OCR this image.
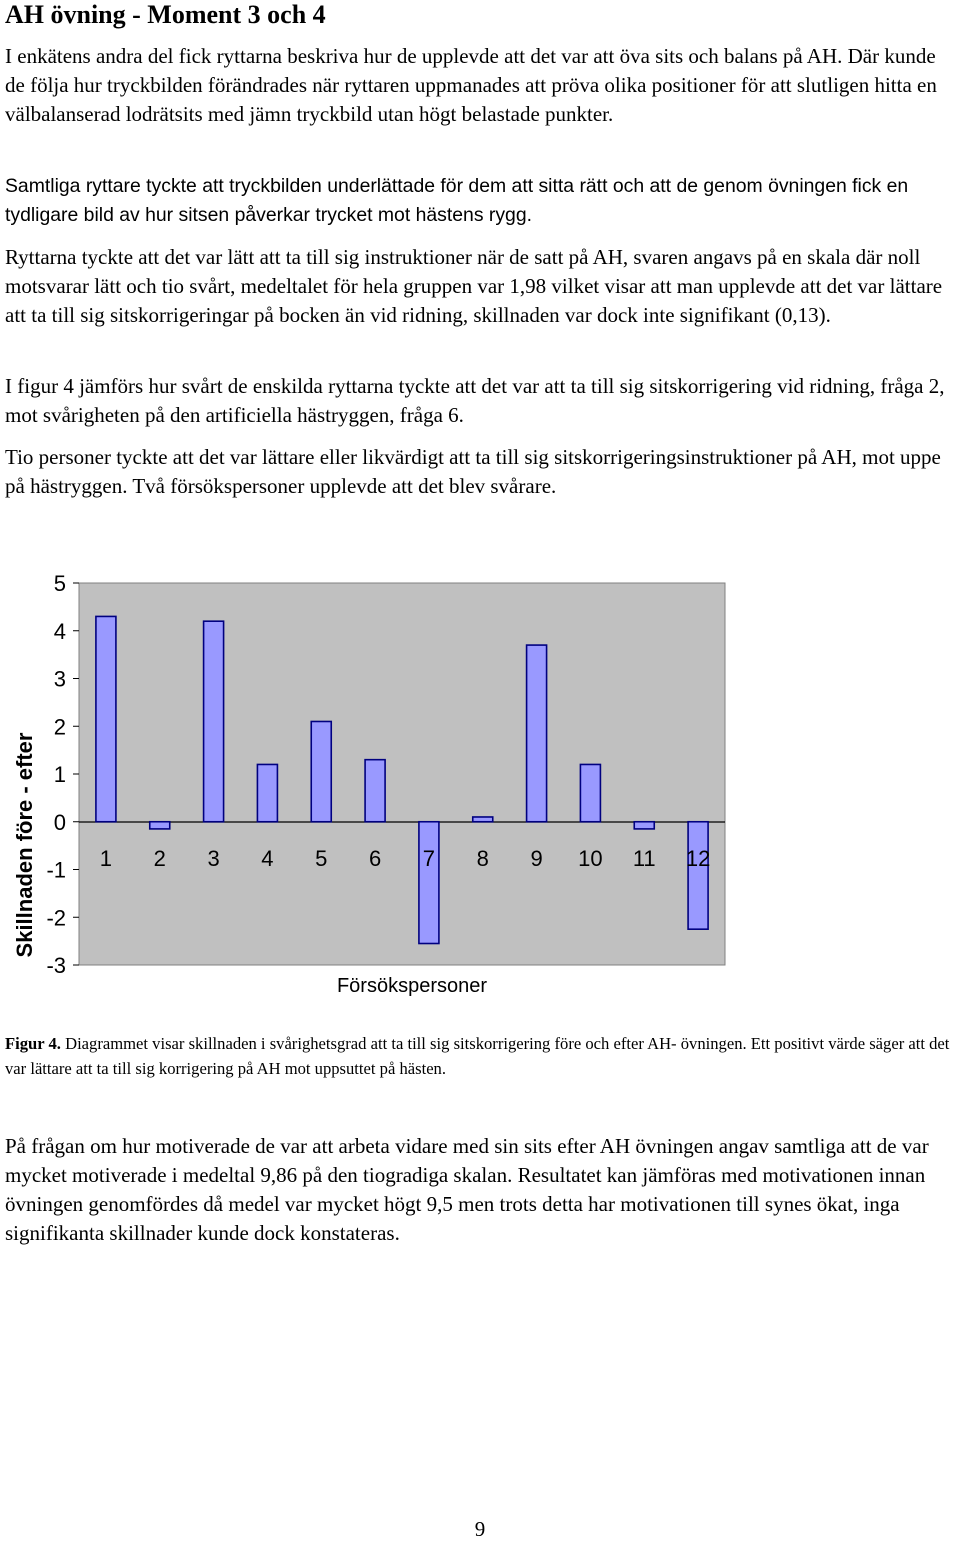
AH övning - Moment 3 och 4

I enkätens andra del fick ryttarna beskriva hur de upplevde att det var att öva sits och balans på AH. Där kunde de följa hur tryckbilden förändrades när ryttaren uppmanades att pröva olika positioner för att slutligen hitta en välbalanserad lodrätsits med jämn tryckbild utan högt belastade punkter.

Samtliga ryttare tyckte att tryckbilden underlättade för dem att sitta rätt och att de genom övningen fick en tydligare bild av hur sitsen påverkar trycket mot hästens rygg.

Ryttarna tyckte att det var lätt att ta till sig instruktioner när de satt på AH, svaren angavs på en skala där noll motsvarar lätt och tio svårt, medeltalet för hela gruppen var 1,98 vilket visar att man upplevde att det var lättare att ta till sig sitskorrigeringar på bocken än vid ridning, skillnaden var dock inte signifikant (0,13).

I figur 4 jämförs hur svårt de enskilda ryttarna tyckte att det var att ta till sig sitskorrigering vid ridning, fråga 2, mot svårigheten på den artificiella hästryggen, fråga 6.

Tio personer tyckte att det var lättare eller likvärdigt att ta till sig sitskorrigeringsinstruktioner på AH, mot uppe på hästryggen. Två försökspersoner upplevde att det blev svårare.

5
4
3
2
1
0
-1
-2
-3
1 2 3 4 5 6 7 8 9 10 11 12
Skillnaden före - efter
Försökspersoner

Figur 4. Diagrammet visar skillnaden i svårighetsgrad att ta till sig sitskorrigering före och efter AH- övningen. Ett positivt värde säger att det var lättare att ta till sig korrigering på AH mot uppsuttet på hästen.

På frågan om hur motiverade de var att arbeta vidare med sin sits efter AH övningen angav samtliga att de var mycket motiverade i medeltal 9,86 på den tiogradiga skalan. Resultatet kan jämföras med motivationen innan övningen genomfördes då medel var mycket högt 9,5 men trots detta har motivationen till synes ökat, inga signifikanta skillnader kunde dock konstateras.

9
